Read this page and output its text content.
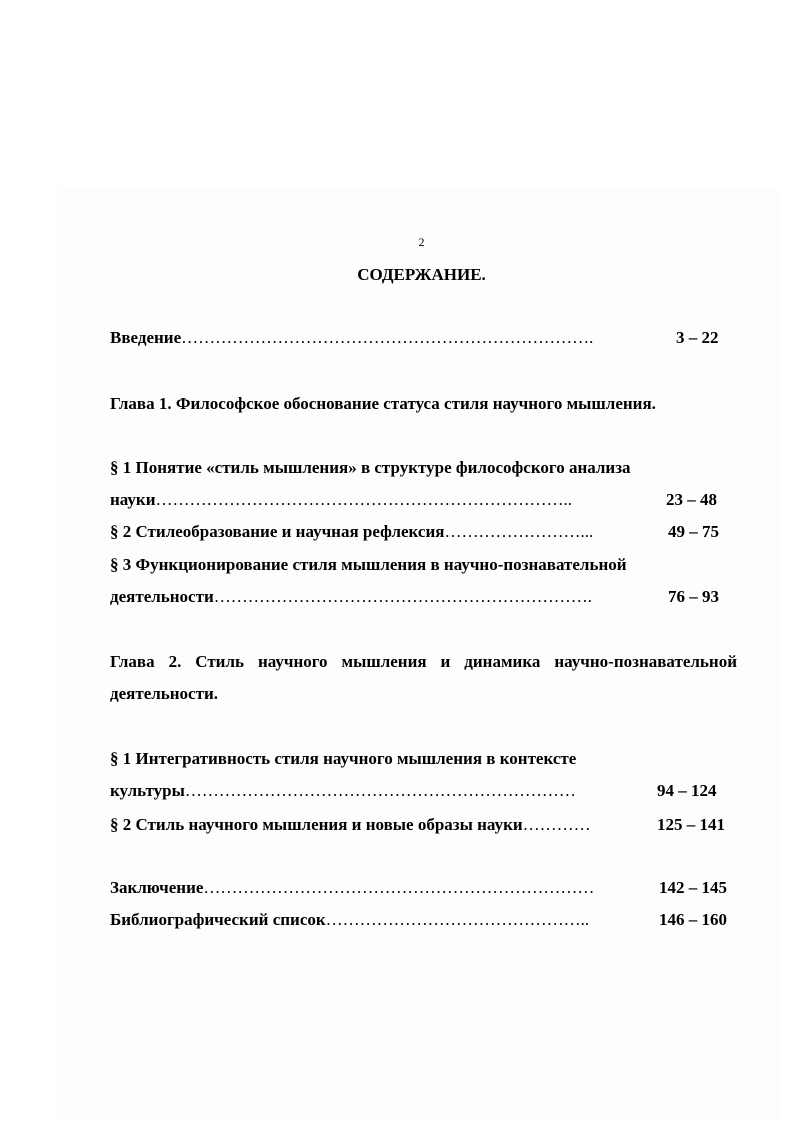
2
СОДЕРЖАНИЕ.
Введение……………………………………………………………….	3 – 22
Глава 1. Философское обоснование статуса стиля научного мышления.
§ 1 Понятие «стиль мышления» в структуре философского анализа
науки………………………………………………………………..	23 – 48
§ 2 Стилеобразование и научная рефлексия……………………...	49 – 75
§ 3 Функционирование стиля мышления в научно-познавательной
деятельности………………………………………………………….	76 – 93
Глава 2. Стиль научного мышления и динамика научно-познавательной
деятельности.
§ 1 Интегративность стиля научного мышления в контексте
культуры……………………………………………………………	94 – 124
§ 2 Стиль научного мышления и новые образы науки…………	125 – 141
Заключение……………………………………………………………	142 – 145
Библиографический список………………………………………..	146 – 160
